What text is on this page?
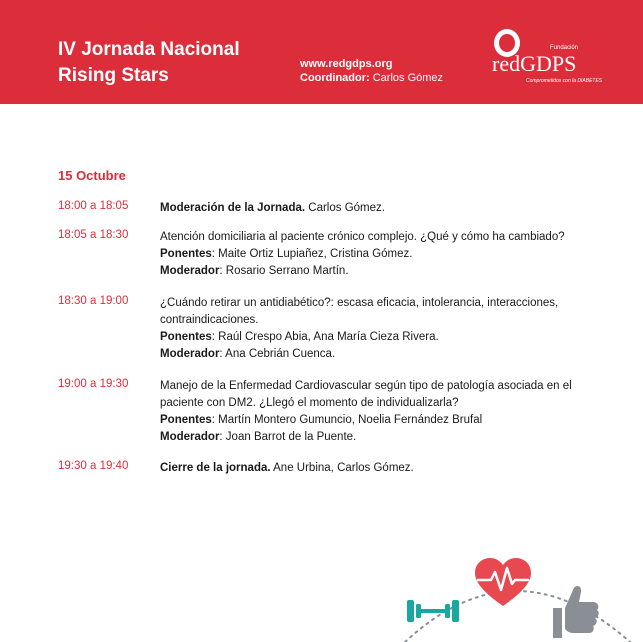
IV Jornada Nacional
Rising Stars
www.redgdps.org
Coordinador: Carlos Gómez
Fundación
redGDPS
Comprometidos con la DIABETES
15 Octubre
18:00 a 18:05	Moderación de la Jornada. Carlos Gómez.
18:05 a 18:30	Atención domiciliaria al paciente crónico complejo. ¿Qué y cómo ha cambiado?
Ponentes: Maite Ortiz Lupiañez, Cristina Gómez.
Moderador: Rosario Serrano Martín.
18:30 a 19:00	¿Cuándo retirar un antidiabético?: escasa eficacia, intolerancia, interacciones, contraindicaciones.
Ponentes: Raúl Crespo Abia, Ana María Cieza Rivera.
Moderador: Ana Cebrián Cuenca.
19:00 a 19:30	Manejo de la Enfermedad Cardiovascular según tipo de patología asociada en el paciente con DM2. ¿Llegó el momento de individualizarla?
Ponentes: Martín Montero Gumuncio, Noelia Fernández Brufal
Moderador: Joan Barrot de la Puente.
19:30 a 19:40	Cierre de la jornada. Ane Urbina, Carlos Gómez.
